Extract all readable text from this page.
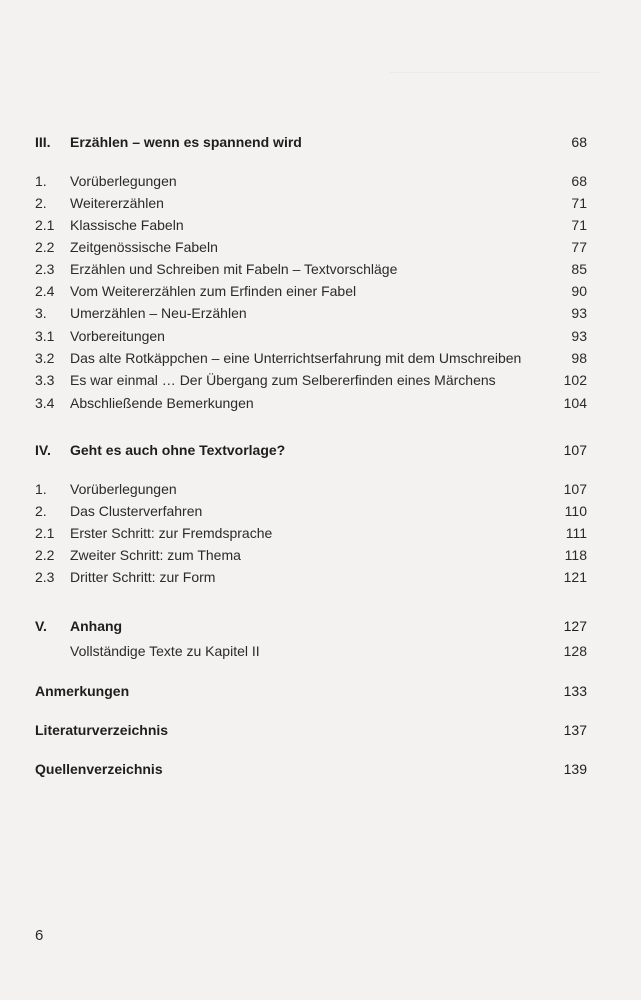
III. Erzählen – wenn es spannend wird	68
1. Vorüberlegungen	68
2. Weitererzählen	71
2.1 Klassische Fabeln	71
2.2 Zeitgenössische Fabeln	77
2.3 Erzählen und Schreiben mit Fabeln – Textvorschläge	85
2.4 Vom Weitererzählen zum Erfinden einer Fabel	90
3. Umerzählen – Neu-Erzählen	93
3.1 Vorbereitungen	93
3.2 Das alte Rotkäppchen – eine Unterrichtserfahrung mit dem Umschreiben	98
3.3 Es war einmal … Der Übergang zum Selbererfinden eines Märchens	102
3.4 Abschließende Bemerkungen	104
IV. Geht es auch ohne Textvorlage?	107
1. Vorüberlegungen	107
2. Das Clusterverfahren	110
2.1 Erster Schritt: zur Fremdsprache	111
2.2 Zweiter Schritt: zum Thema	118
2.3 Dritter Schritt: zur Form	121
V. Anhang	127
Vollständige Texte zu Kapitel II	128
Anmerkungen	133
Literaturverzeichnis	137
Quellenverzeichnis	139
6
